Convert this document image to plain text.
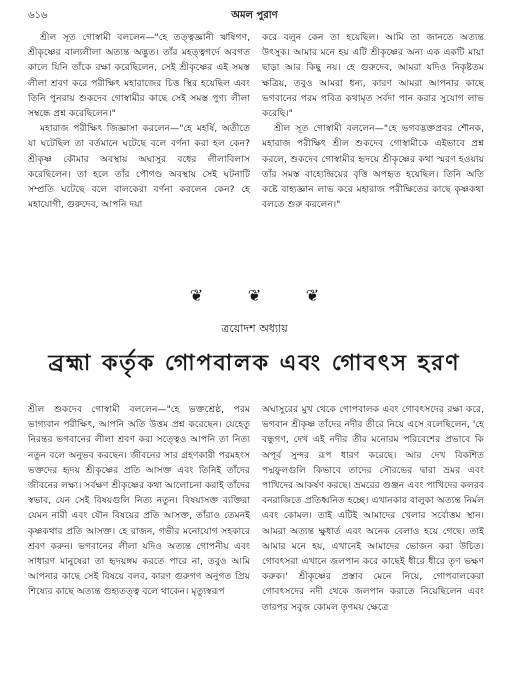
৬১৬	অমল পুরাণ

শ্রীল সূত গোস্বামী বললেন—"হে তত্ত্বজ্ঞানী ঋষিগণ, শ্রীকৃষ্ণের বাল্যলীলা অত্যন্ত অদ্ভুত। তাঁর মহত্ত্বগর্দে অবগত কালে যিনি তাঁকে রক্ষা করেছিলেন, সেই শ্রীকৃষ্ণের এই সমস্ত লীলা শ্রবণ করে পরীক্ষিৎ মহারাজের চিত্ত স্থির হয়েছিল এবং তিনি পুনরায় শুকদেব গোস্বামীর কাছে সেই সমস্ত পুণ্য লীলা সম্বন্ধে প্রশ্ন করেছিলেন।"

মহারাজ পরীক্ষিৎ জিজ্ঞাসা করলেন—"হে মহর্ষি, অতীতে যা ঘটেছিল তা বর্তমানে ঘটেছে বলে বর্ণনা করা হল কেন? শ্রীকৃষ্ণ কৌমার অবস্থায় অঘাসুর বধের লীলাবিলাস করেছিলেন। তা হলে তাঁর পৌগণ্ড অবস্থায় সেই ঘটনাটি সম্প্রতি ঘটেছে বলে বালকেরা বর্ণনা করলেন কেন? হে মহাযোগী, গুরুদেব, আপনি দয়া

করে বলুন কেন তা হয়েছিল। আমি তা জানতে অত্যন্ত উৎসুক। আমার মনে হয় এটি শ্রীকৃষ্ণের অন্য এক একটি মায়া ছাড়া আর কিছু নয়। হে গুরুদেব, আমরা যদিও নিকৃষ্টতম ক্ষত্রিয়, তবুও আমরা ধন্য, কারণ আমরা আপনার কাছে ভগবানের পরম পবিত্র কথামৃত সর্বদা পান করার সুযোগ লাভ করেছি।"

শ্রীল সূত গোস্বামী বললেন—"হে ভগবদ্ভক্তপ্রবর শৌনক, মহারাজ পরীক্ষিৎ শ্রীল শুকদেব গোস্বামীকে এইভাবে প্রশ্ন করলে, শুকদেব গোস্বামীর হৃদয়ে শ্রীকৃষ্ণের কথা স্মরণ হওয়ায় তাঁর সমস্ত বাহ্যেন্দ্রিয়ের বৃত্তি অপহৃত হয়েছিল। তিনি অতি কষ্টে বাহ্যজ্ঞান লাভ করে মহারাজ পরীক্ষিতের কাছে কৃষ্ণকথা বলতে শুরু করলেন।"

❦	❦	❦
ত্রয়োদশ অধ্যায়
ব্রহ্মা কর্তৃক গোপবালক এবং গোবৎস হরণ

শ্রীল শুকদেব গোস্বামী বললেন—"হে ভক্তশ্রেষ্ঠ, পরম ভাগ্যবান পরীক্ষিৎ, আপনি অতি উত্তম প্রশ্ন করেছেন। যেহেতু নিরন্তর ভগবানের লীলা শ্রবণ করা সত্ত্বেও আপনি তা নিত্য নতুন বলে অনুভব করছেন। জীবনের সার গ্রহণকারী পরমহংস ভক্তদের হৃদয় শ্রীকৃষ্ণের প্রতি আসক্ত এবং তিনিই তাঁদের জীবনের লক্ষ্য। সর্বক্ষণ শ্রীকৃষ্ণের কথা আলোচনা করাই তাঁদের স্বভাব, যেন সেই বিষয়গুলি নিত্য নতুন। বিষয়াসক্ত ব্যক্তিরা যেমন নারী এবং যৌন বিষয়ের প্রতি আসক্ত, তাঁরাও তেমনই কৃষ্ণকথার প্রতি আসক্ত। হে রাজন, গভীর মনোযোগ সহকারে শ্রবণ করুন। ভগবানের লীলা যদিও অত্যন্ত গোপনীয় এবং সাধারণ মানুষেরা তা হৃদয়ঙ্গম করতে পারে না, তবুও আমি আপনার কাছে সেই বিষয়ে বলব, কারণ গুরুগণ অনুগত প্রিয় শিষ্যের কাছে অত্যন্ত গুহ্যতত্ত্ব বলে থাকেন। মৃত্যুস্বরূপ

অঘাসুরের মুখ থেকে গোপবালক এবং গোবৎসদের রক্ষা করে, ভগবান শ্রীকৃষ্ণ তাঁদের নদীর তীরে নিয়ে এসে বলেছিলেন, 'হে বন্ধুগণ, দেখ এই নদীর তীর মনোরম পরিবেশের প্রভাবে কি অপূর্ব সুন্দর রূপ ধারণ করেছে। আর দেখ বিকশিত পদ্মফুলগুলি কিভাবে তাদের সৌরভের দ্বারা ভ্রমর এবং পাখিদের আকর্ষণ করছে। ভ্রমরের গুঞ্জন এবং পাখিদের কলরব বনরাজিতে প্রতিধ্বনিত হচ্ছে। এখানকার বালুকা অত্যন্ত নির্মল এবং কোমল। তাই এটিই আমাদের খেলার সর্বোত্তম স্থান। আমরা অত্যন্ত ক্ষুধার্ত এবং অনেক বেলাও হয়ে গেছে। তাই আমার মনে হয়, এখানেই আমাদের ভোজন করা উচিত। গোবৎসরা এখানে জলপান করে কাছেই ধীরে ধীরে তৃণ ভক্ষণ করুক।' শ্রীকৃষ্ণের প্রস্তাব মেনে নিয়ে, গোপবালকেরা গোবৎসদের নদী থেকে জলপান করাতে নিয়েছিলেন এবং তারপর সবুজ কোমল তৃণময় ক্ষেত্রে
